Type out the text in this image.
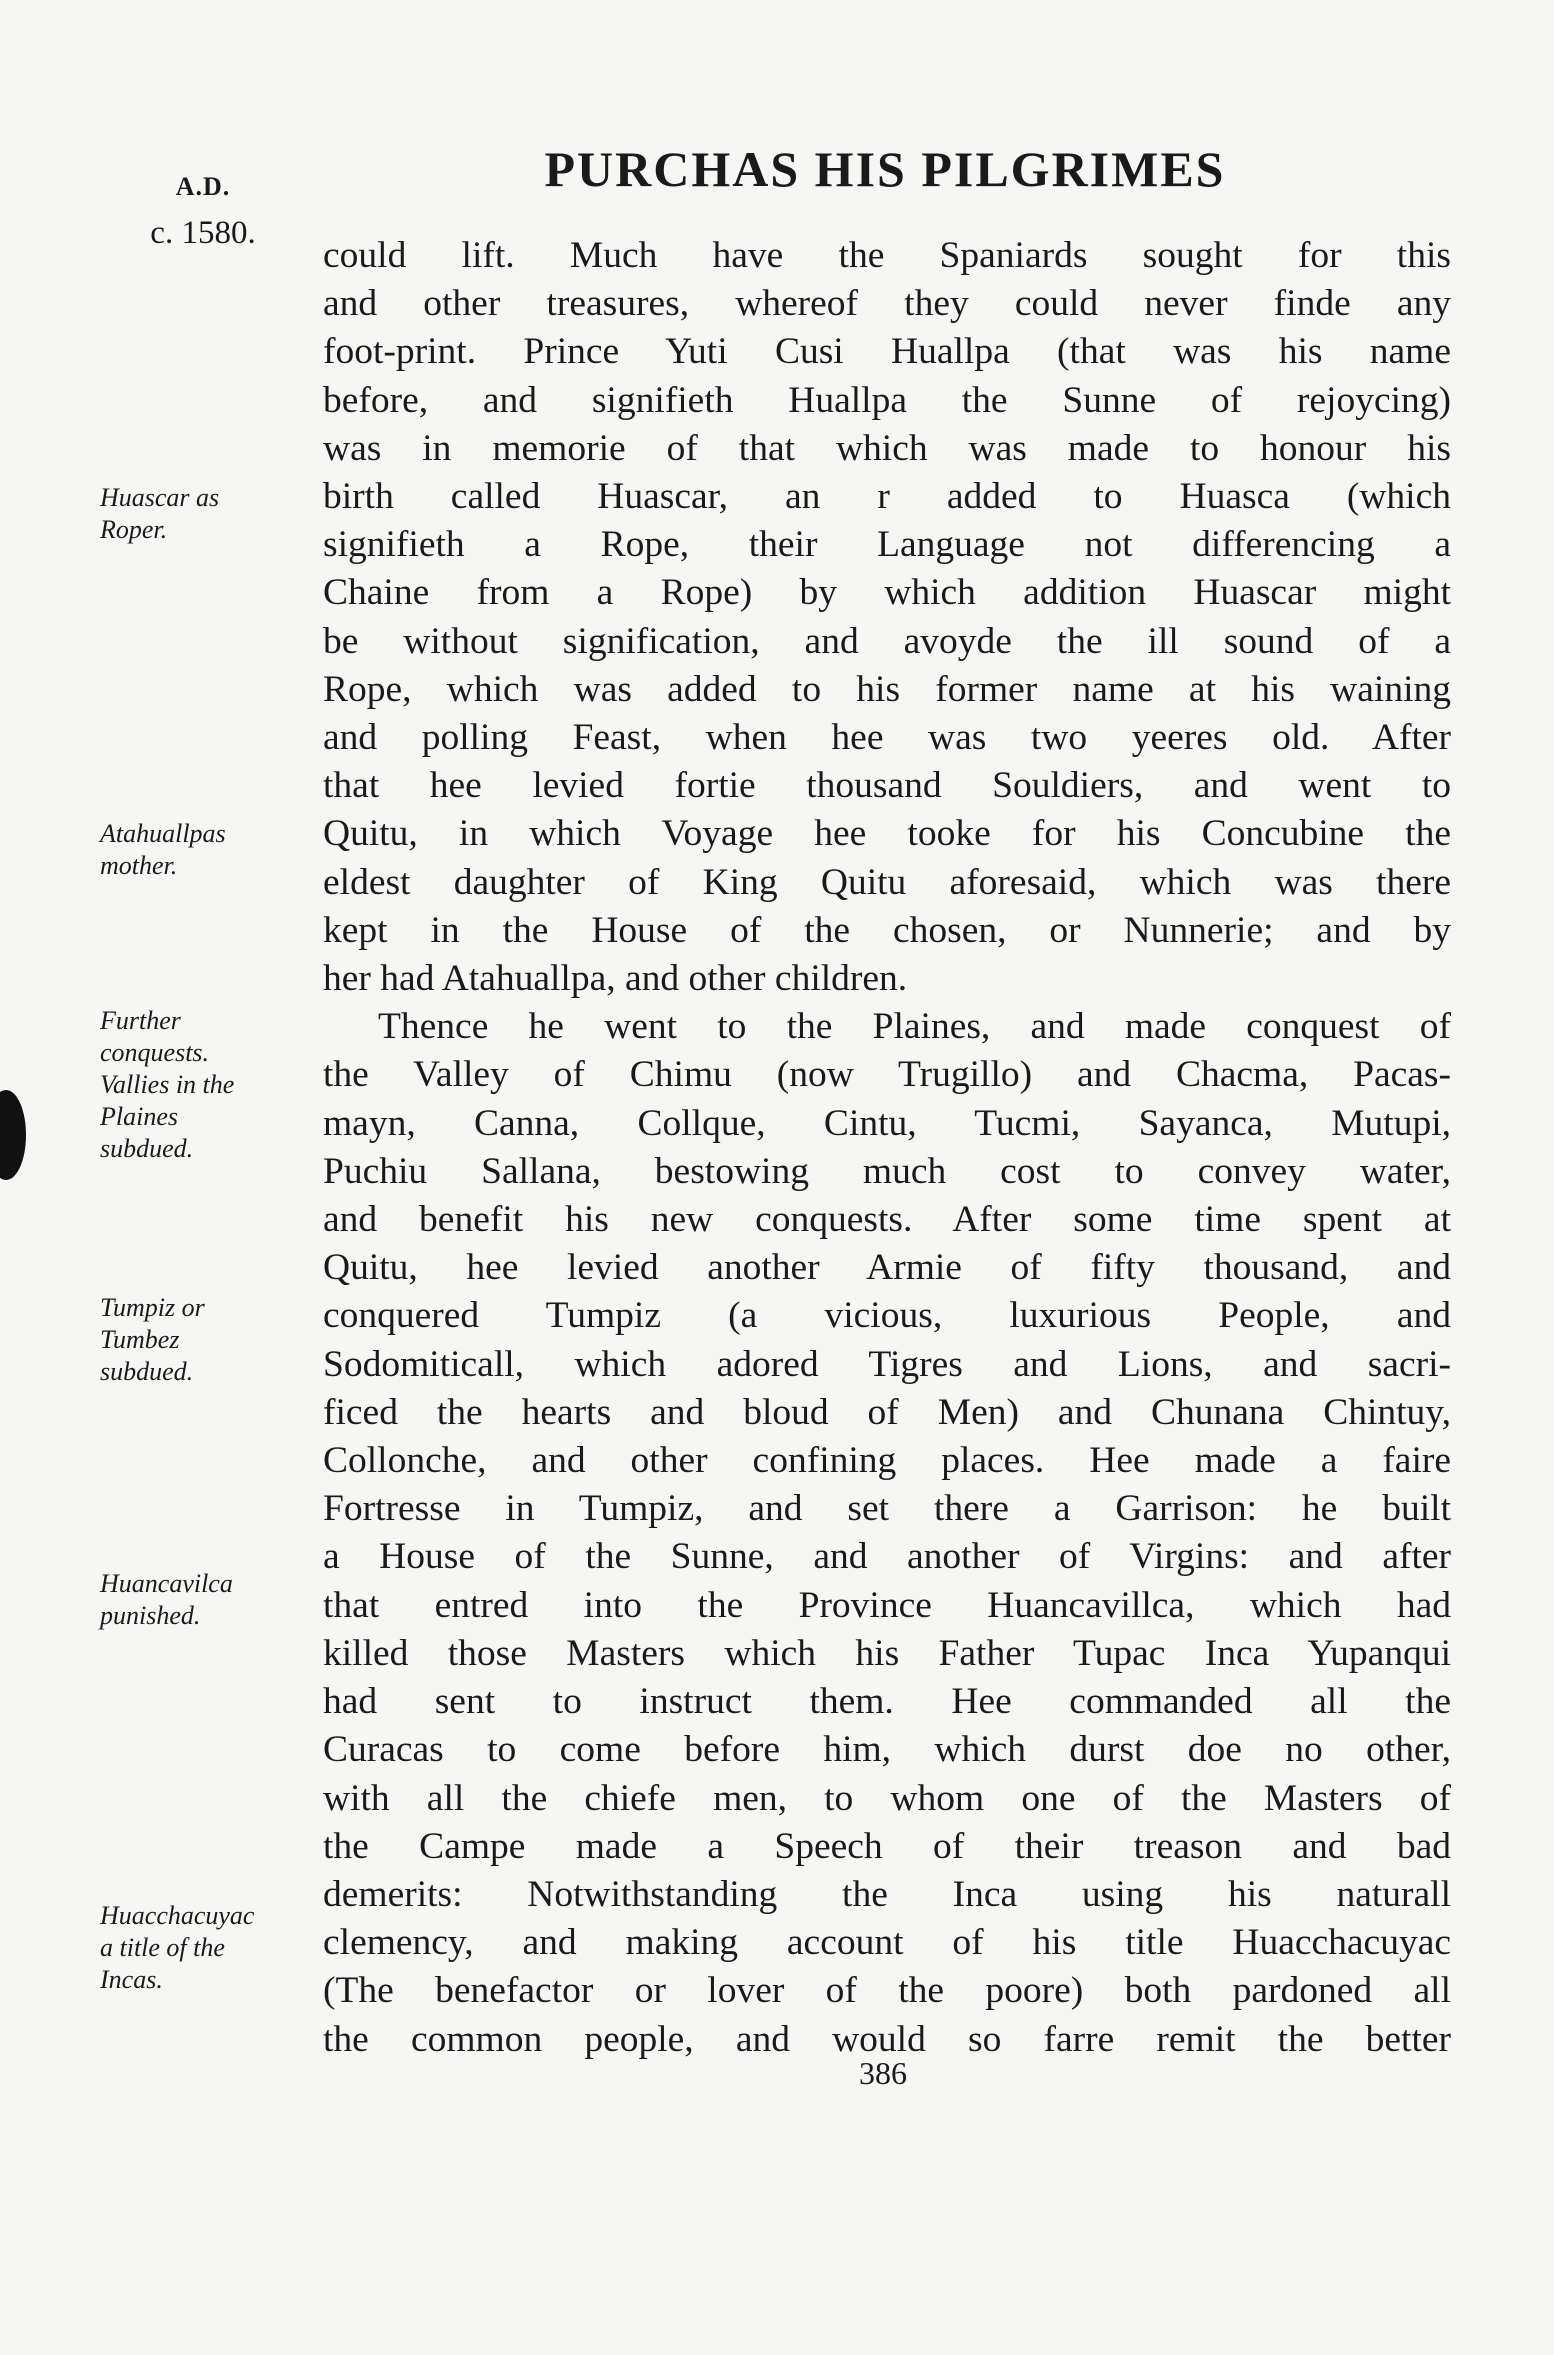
A.D.
c. 1580.
PURCHAS HIS PILGRIMES
could lift. Much have the Spaniards sought for this
and other treasures, whereof they could never finde any
foot-print. Prince Yuti Cusi Huallpa (that was his name
before, and signifieth Huallpa the Sunne of rejoycing)
was in memorie of that which was made to honour his
birth called Huascar, an r added to Huasca (which
signifieth a Rope, their Language not differencing a
Chaine from a Rope) by which addition Huascar might
be without signification, and avoyde the ill sound of a
Rope, which was added to his former name at his waining
and polling Feast, when hee was two yeeres old. After
that hee levied fortie thousand Souldiers, and went to
Quitu, in which Voyage hee tooke for his Concubine the
eldest daughter of King Quitu aforesaid, which was there
kept in the House of the chosen, or Nunnerie; and by
her had Atahuallpa, and other children.
Thence he went to the Plaines, and made conquest of
the Valley of Chimu (now Trugillo) and Chacma, Pacas-
mayn, Canna, Collque, Cintu, Tucmi, Sayanca, Mutupi,
Puchiu Sallana, bestowing much cost to convey water,
and benefit his new conquests. After some time spent at
Quitu, hee levied another Armie of fifty thousand, and
conquered Tumpiz (a vicious, luxurious People, and
Sodomiticall, which adored Tigres and Lions, and sacri-
ficed the hearts and bloud of Men) and Chunana Chintuy,
Collonche, and other confining places. Hee made a faire
Fortresse in Tumpiz, and set there a Garrison: he built
a House of the Sunne, and another of Virgins: and after
that entred into the Province Huancavillca, which had
killed those Masters which his Father Tupac Inca Yupanqui
had sent to instruct them. Hee commanded all the
Curacas to come before him, which durst doe no other,
with all the chiefe men, to whom one of the Masters of
the Campe made a Speech of their treason and bad
demerits: Notwithstanding the Inca using his naturall
clemency, and making account of his title Huacchacuyac
(The benefactor or lover of the poore) both pardoned all
the common people, and would so farre remit the better
Huascar as
Roper.
Atahuallpas
mother.
Further
conquests.
Vallies in the
Plaines
subdued.
Tumpiz or
Tumbez
subdued.
Huancavilca
punished.
Huacchacuyac
a title of the
Incas.
386
